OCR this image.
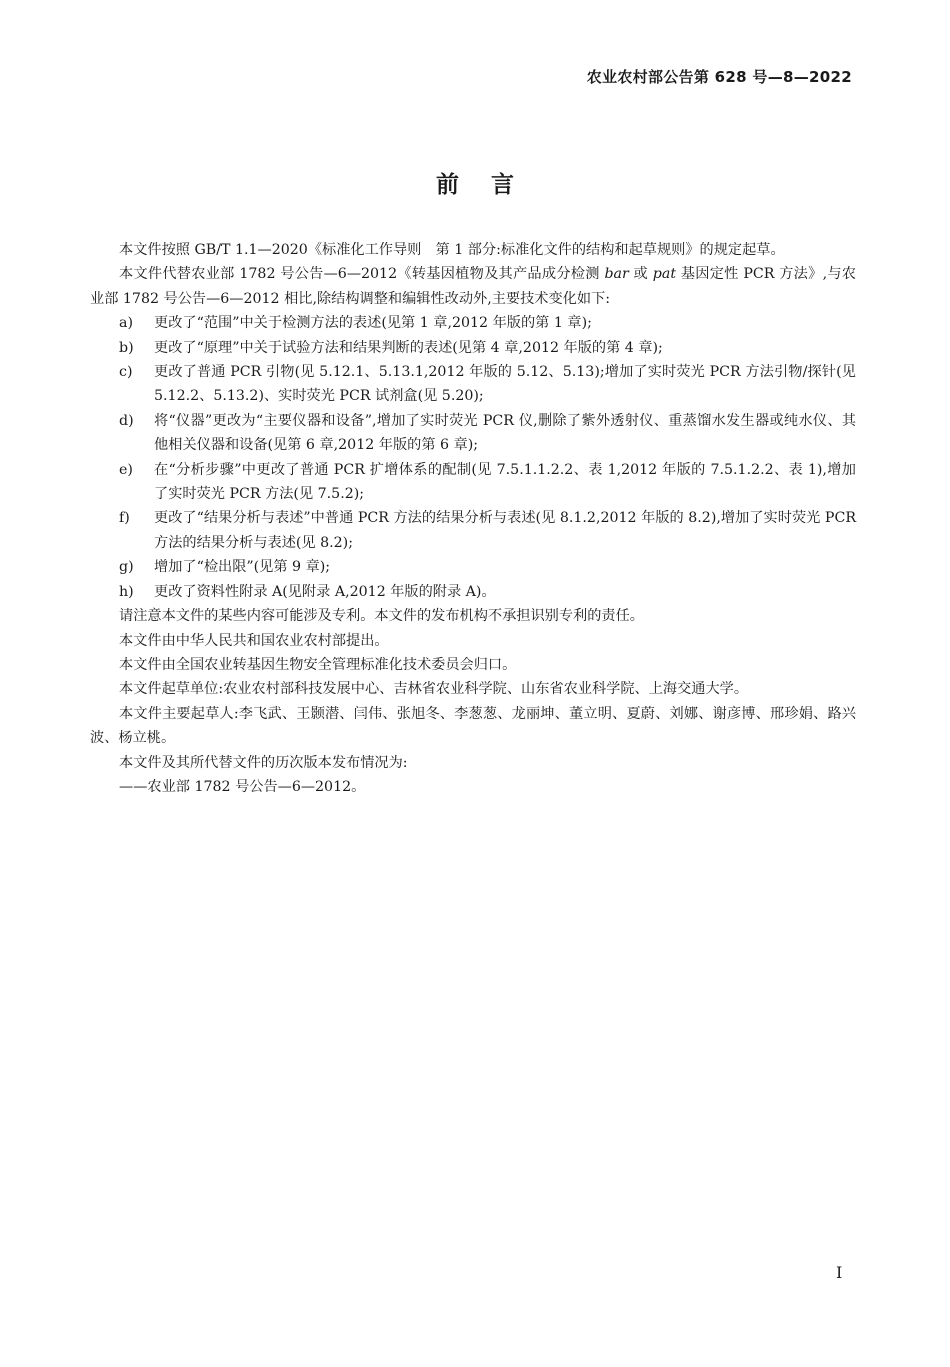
农业农村部公告第 628 号—8—2022
前言

本文件按照 GB/T 1.1—2020《标准化工作导则　第 1 部分:标准化文件的结构和起草规则》的规定起草。

本文件代替农业部 1782 号公告—6—2012《转基因植物及其产品成分检测 bar 或 pat 基因定性 PCR 方法》,与农业部 1782 号公告—6—2012 相比,除结构调整和编辑性改动外,主要技术变化如下:

a) 更改了“范围”中关于检测方法的表述(见第 1 章,2012 年版的第 1 章);

b) 更改了“原理”中关于试验方法和结果判断的表述(见第 4 章,2012 年版的第 4 章);

c) 更改了普通 PCR 引物(见 5.12.1、5.13.1,2012 年版的 5.12、5.13);增加了实时荧光 PCR 方法引物/探针(见 5.12.2、5.13.2)、实时荧光 PCR 试剂盒(见 5.20);

d) 将“仪器”更改为“主要仪器和设备”,增加了实时荧光 PCR 仪,删除了紫外透射仪、重蒸馏水发生器或纯水仪、其他相关仪器和设备(见第 6 章,2012 年版的第 6 章);

e) 在“分析步骤”中更改了普通 PCR 扩增体系的配制(见 7.5.1.1.2.2、表 1,2012 年版的 7.5.1.2.2、表 1),增加了实时荧光 PCR 方法(见 7.5.2);

f) 更改了“结果分析与表述”中普通 PCR 方法的结果分析与表述(见 8.1.2,2012 年版的 8.2),增加了实时荧光 PCR 方法的结果分析与表述(见 8.2);

g) 增加了“检出限”(见第 9 章);

h) 更改了资料性附录 A(见附录 A,2012 年版的附录 A)。

请注意本文件的某些内容可能涉及专利。本文件的发布机构不承担识别专利的责任。

本文件由中华人民共和国农业农村部提出。

本文件由全国农业转基因生物安全管理标准化技术委员会归口。

本文件起草单位:农业农村部科技发展中心、吉林省农业科学院、山东省农业科学院、上海交通大学。

本文件主要起草人:李飞武、王颢潜、闫伟、张旭冬、李葱葱、龙丽坤、董立明、夏蔚、刘娜、谢彦博、邢珍娟、路兴波、杨立桃。

本文件及其所代替文件的历次版本发布情况为:

——农业部 1782 号公告—6—2012。

I
